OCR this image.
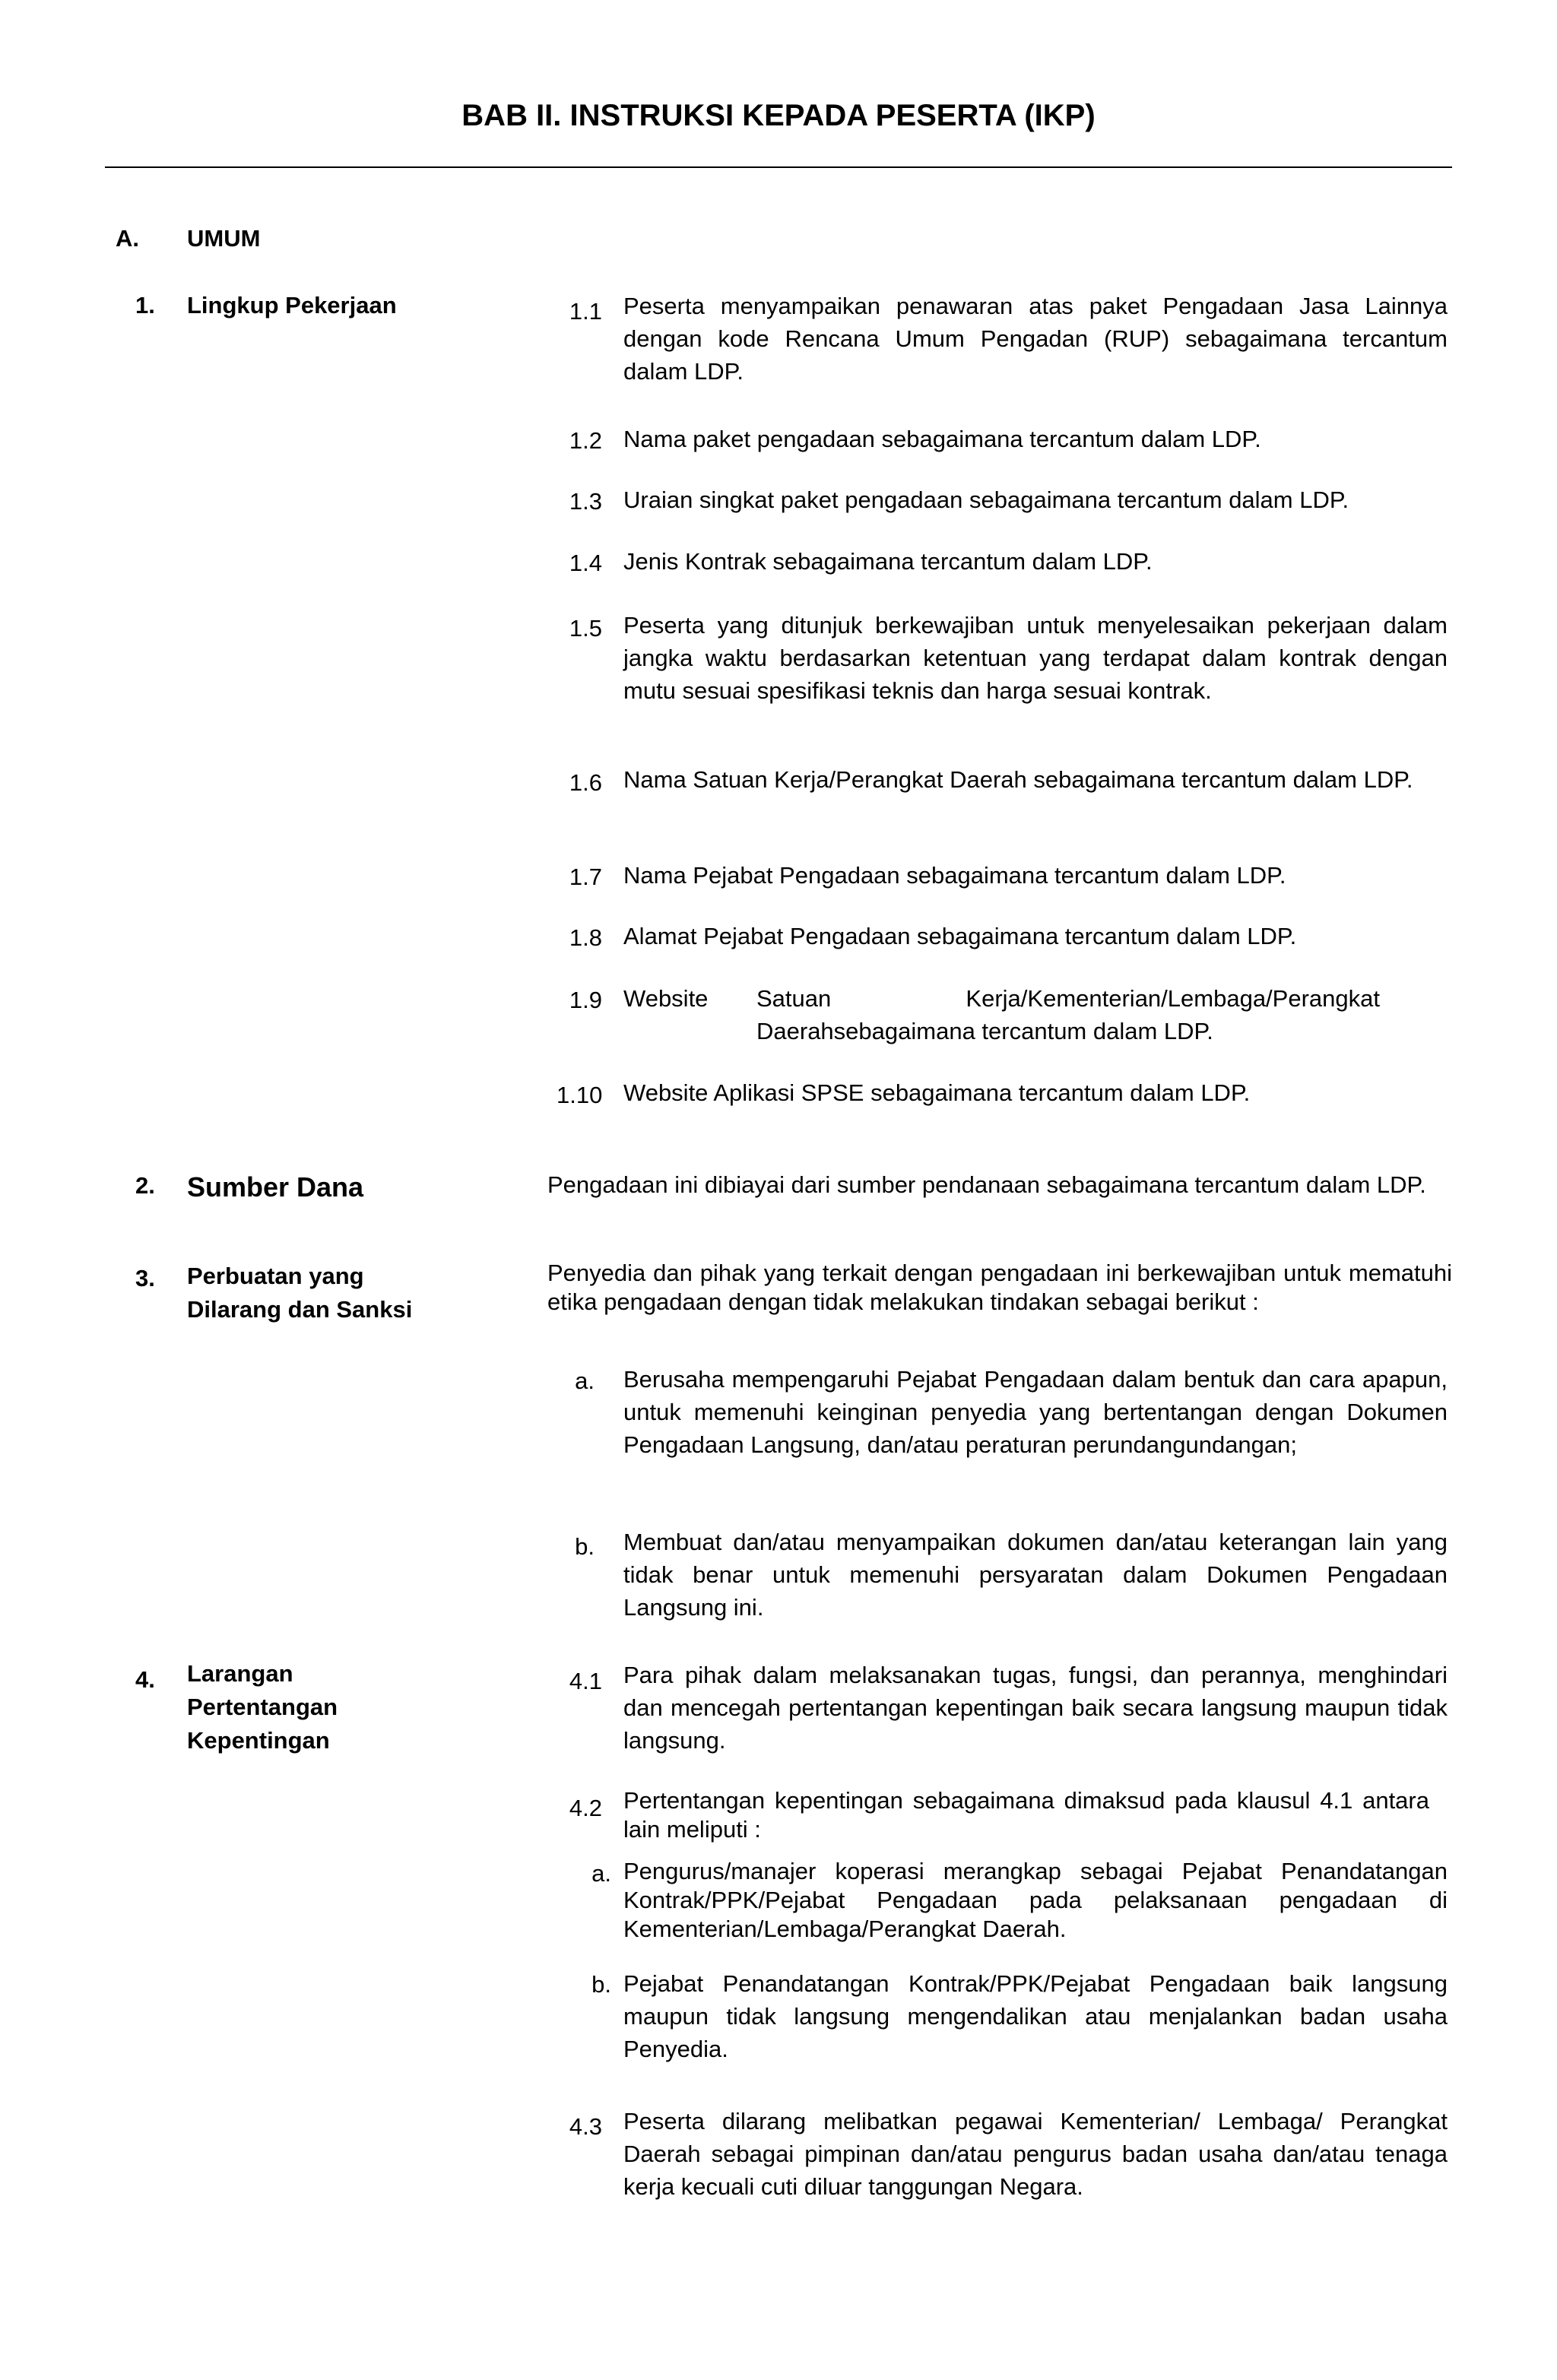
BAB II. INSTRUKSI KEPADA PESERTA (IKP)
A. UMUM
1. Lingkup Pekerjaan	1.1 Peserta menyampaikan penawaran atas paket Pengadaan Jasa Lainnya dengan kode Rencana Umum Pengadan (RUP) sebagaimana tercantum dalam LDP.
1.2 Nama paket pengadaan sebagaimana tercantum dalam LDP.
1.3 Uraian singkat paket pengadaan sebagaimana tercantum dalam LDP.
1.4 Jenis Kontrak sebagaimana tercantum dalam LDP.
1.5 Peserta yang ditunjuk berkewajiban untuk menyelesaikan pekerjaan dalam jangka waktu berdasarkan ketentuan yang terdapat dalam kontrak dengan mutu sesuai spesifikasi teknis dan harga sesuai kontrak.
1.6 Nama Satuan Kerja/Perangkat Daerah sebagaimana tercantum dalam LDP.
1.7 Nama Pejabat Pengadaan sebagaimana tercantum dalam LDP.
1.8 Alamat Pejabat Pengadaan sebagaimana tercantum dalam LDP.
1.9 Website Satuan Kerja/Kementerian/Lembaga/Perangkat
Daerahsebagaimana tercantum dalam LDP.
1.10 Website Aplikasi SPSE sebagaimana tercantum dalam LDP.
2. Sumber Dana	Pengadaan ini dibiayai dari sumber pendanaan sebagaimana tercantum dalam LDP.
3. Perbuatan yang Dilarang dan Sanksi
Penyedia dan pihak yang terkait dengan pengadaan ini berkewajiban untuk mematuhi etika pengadaan dengan tidak melakukan tindakan sebagai berikut :
a. Berusaha mempengaruhi Pejabat Pengadaan dalam bentuk dan cara apapun, untuk memenuhi keinginan penyedia yang bertentangan dengan Dokumen Pengadaan Langsung, dan/atau peraturan perundangundangan;
b. Membuat dan/atau menyampaikan dokumen dan/atau keterangan lain yang tidak benar untuk memenuhi persyaratan dalam Dokumen Pengadaan Langsung ini.
4. Larangan Pertentangan Kepentingan
4.1 Para pihak dalam melaksanakan tugas, fungsi, dan perannya, menghindari dan mencegah pertentangan kepentingan baik secara langsung maupun tidak langsung.
4.2 Pertentangan kepentingan sebagaimana dimaksud pada klausul 4.1 antara lain meliputi :
a. Pengurus/manajer koperasi merangkap sebagai Pejabat Penandatangan Kontrak/PPK/Pejabat Pengadaan pada pelaksanaan pengadaan di Kementerian/Lembaga/Perangkat Daerah.
b. Pejabat Penandatangan Kontrak/PPK/Pejabat Pengadaan baik langsung maupun tidak langsung mengendalikan atau menjalankan badan usaha Penyedia.
4.3 Peserta dilarang melibatkan pegawai Kementerian/ Lembaga/ Perangkat Daerah sebagai pimpinan dan/atau pengurus badan usaha dan/atau tenaga kerja kecuali cuti diluar tanggungan Negara.
